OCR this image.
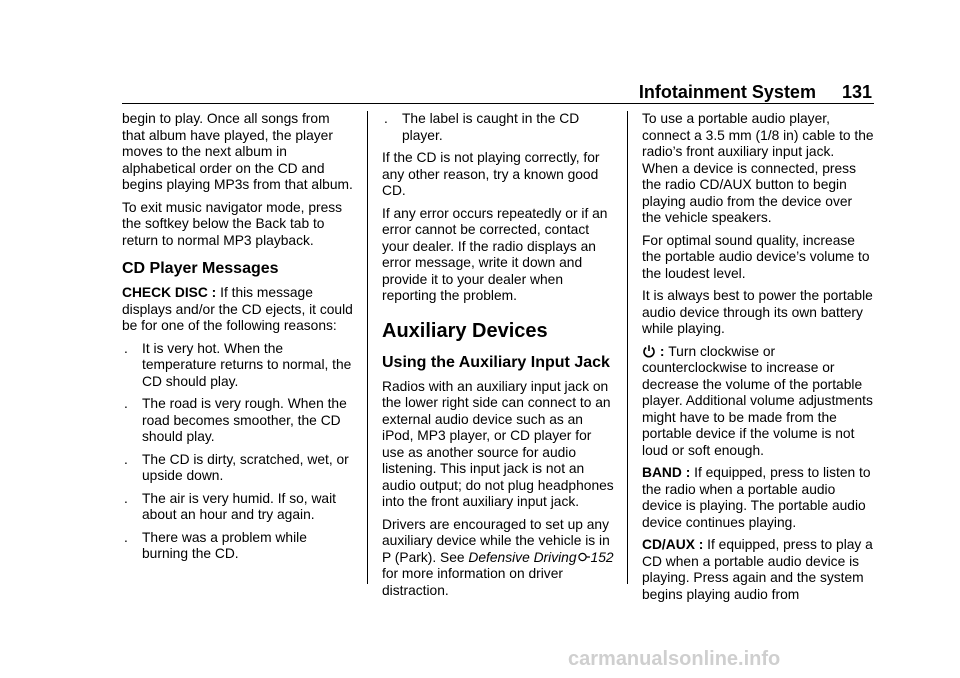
Infotainment System 131

begin to play. Once all songs from that album have played, the player moves to the next album in alphabetical order on the CD and begins playing MP3s from that album.

To exit music navigator mode, press the softkey below the Back tab to return to normal MP3 playback.

CD Player Messages

CHECK DISC : If this message displays and/or the CD ejects, it could be for one of the following reasons:

. It is very hot. When the temperature returns to normal, the CD should play.
. The road is very rough. When the road becomes smoother, the CD should play.
. The CD is dirty, scratched, wet, or upside down.
. The air is very humid. If so, wait about an hour and try again.
. There was a problem while burning the CD.
. The label is caught in the CD player.

If the CD is not playing correctly, for any other reason, try a known good CD.

If any error occurs repeatedly or if an error cannot be corrected, contact your dealer. If the radio displays an error message, write it down and provide it to your dealer when reporting the problem.

Auxiliary Devices
Using the Auxiliary Input Jack

Radios with an auxiliary input jack on the lower right side can connect to an external audio device such as an iPod, MP3 player, or CD player for use as another source for audio listening. This input jack is not an audio output; do not plug headphones into the front auxiliary input jack.

Drivers are encouraged to set up any auxiliary device while the vehicle is in P (Park). See Defensive Driving 152 for more information on driver distraction.

To use a portable audio player, connect a 3.5 mm (1/8 in) cable to the radio’s front auxiliary input jack. When a device is connected, press the radio CD/AUX button to begin playing audio from the device over the vehicle speakers.

For optimal sound quality, increase the portable audio device’s volume to the loudest level.

It is always best to power the portable audio device through its own battery while playing.

: Turn clockwise or counterclockwise to increase or decrease the volume of the portable player. Additional volume adjustments might have to be made from the portable device if the volume is not loud or soft enough.

BAND : If equipped, press to listen to the radio when a portable audio device is playing. The portable audio device continues playing.

CD/AUX : If equipped, press to play a CD when a portable audio device is playing. Press again and the system begins playing audio from

carmanualsonline.info
